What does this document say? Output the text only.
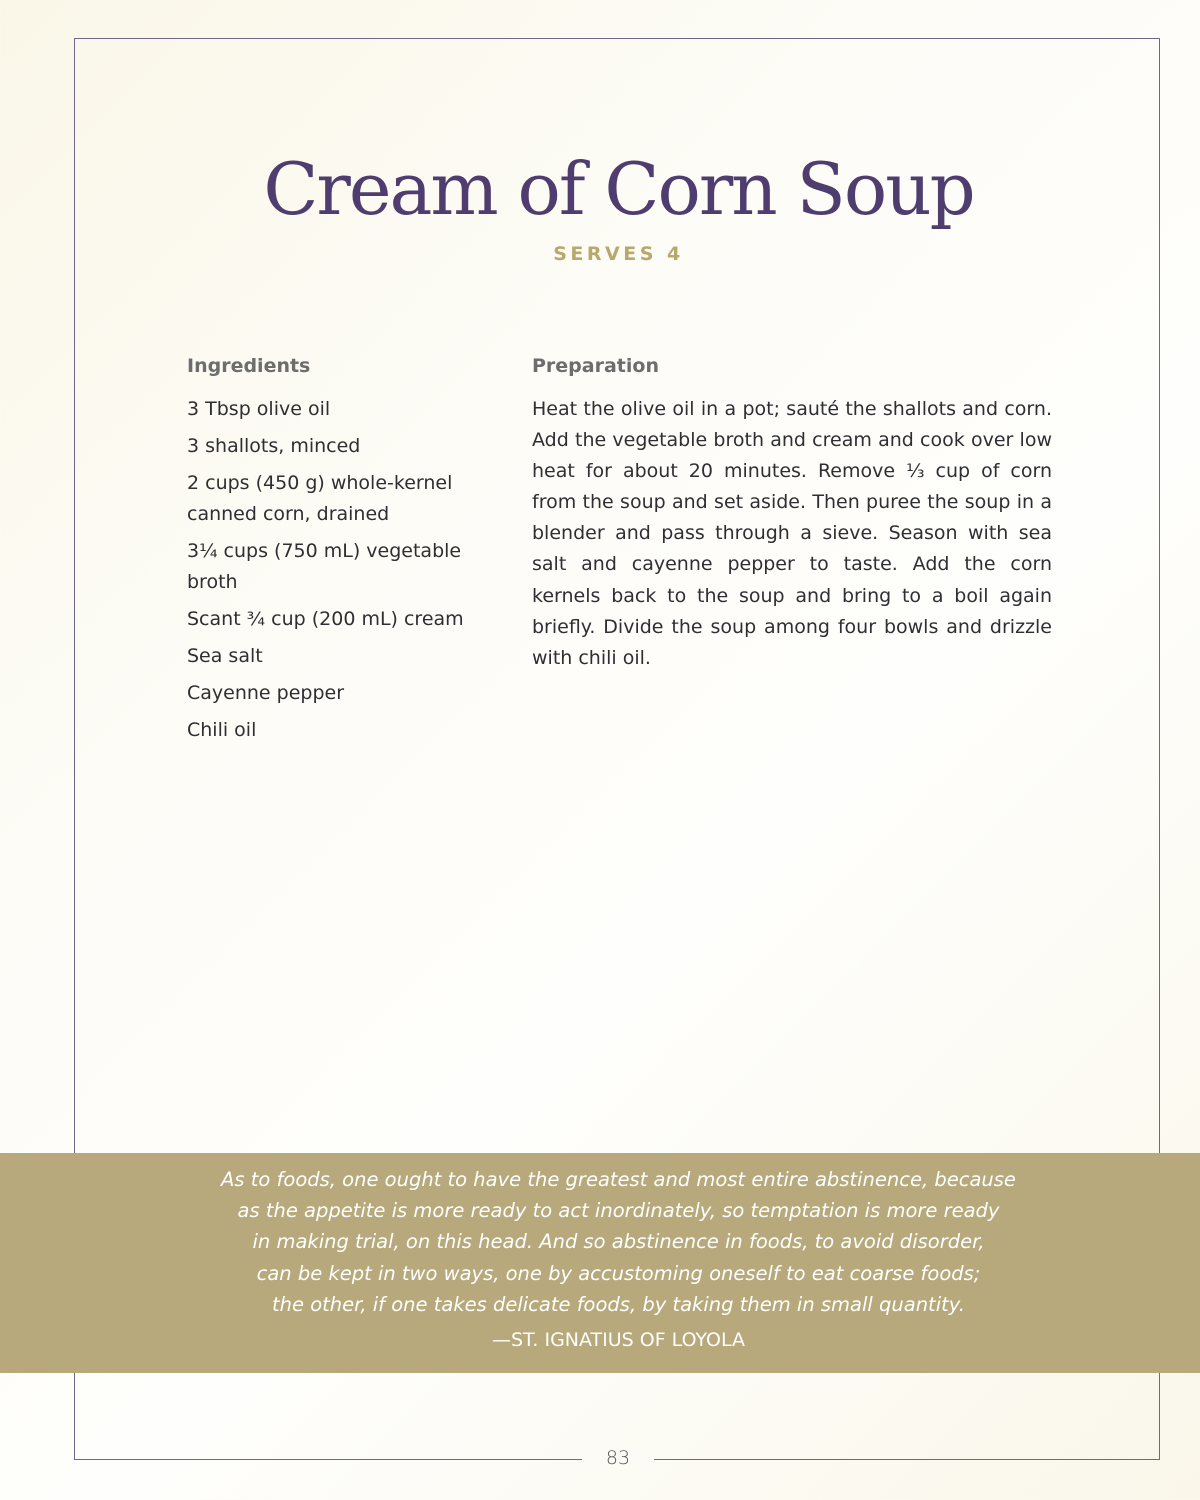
Cream of Corn Soup
SERVES 4
Ingredients
3 Tbsp olive oil
3 shallots, minced
2 cups (450 g) whole-kernel canned corn, drained
3¼ cups (750 mL) vegetable broth
Scant ¾ cup (200 mL) cream
Sea salt
Cayenne pepper
Chili oil
Preparation

Heat the olive oil in a pot; sauté the shallots and corn. Add the vegetable broth and cream and cook over low heat for about 20 minutes. Remove ⅓ cup of corn from the soup and set aside. Then puree the soup in a blender and pass through a sieve. Season with sea salt and cayenne pepper to taste. Add the corn kernels back to the soup and bring to a boil again briefly. Divide the soup among four bowls and drizzle with chili oil.

As to foods, one ought to have the greatest and most entire abstinence, because
as the appetite is more ready to act inordinately, so temptation is more ready
in making trial, on this head. And so abstinence in foods, to avoid disorder,
can be kept in two ways, one by accustoming oneself to eat coarse foods;
the other, if one takes delicate foods, by taking them in small quantity.

—ST. IGNATIUS OF LOYOLA
83
